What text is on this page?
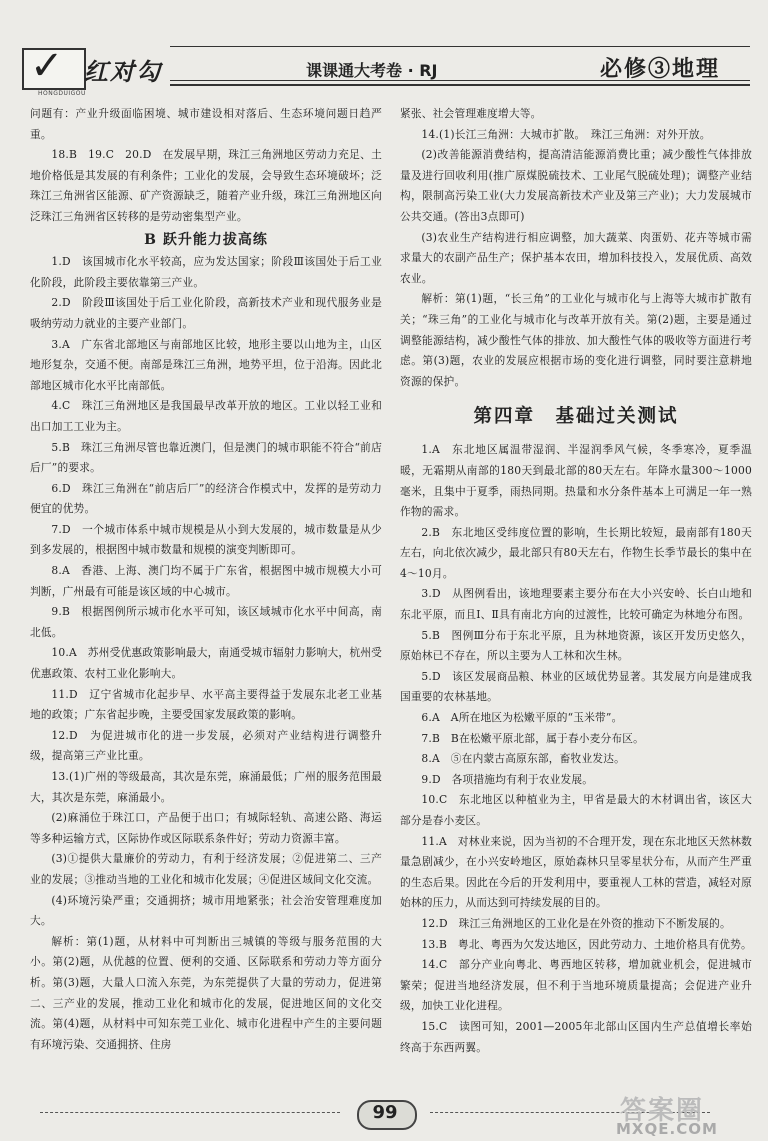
✓ 红对勾
HONGDUIGOU
课课通大考卷 · RJ	必修③地理

问题有：产业升级面临困境、城市建设相对落后、生态环境问题日趋严重。

18.B　19.C　20.D　在发展早期，珠江三角洲地区劳动力充足、土地价格低是其发展的有利条件；工业化的发展，会导致生态环境破坏；泛珠江三角洲省区能源、矿产资源缺乏，随着产业升级，珠江三角洲地区向泛珠江三角洲省区转移的是劳动密集型产业。

B 跃升能力拔高练

1.D　该国城市化水平较高，应为发达国家；阶段Ⅲ该国处于后工业化阶段，此阶段主要依靠第三产业。

2.D　阶段Ⅲ该国处于后工业化阶段，高新技术产业和现代服务业是吸纳劳动力就业的主要产业部门。

3.A　广东省北部地区与南部地区比较，地形主要以山地为主，山区地形复杂，交通不便。南部是珠江三角洲，地势平坦，位于沿海。因此北部地区城市化水平比南部低。

4.C　珠江三角洲地区是我国最早改革开放的地区。工业以轻工业和出口加工工业为主。

5.B　珠江三角洲尽管也靠近澳门，但是澳门的城市职能不符合“前店后厂”的要求。

6.D　珠江三角洲在“前店后厂”的经济合作模式中，发挥的是劳动力便宜的优势。

7.D　一个城市体系中城市规模是从小到大发展的，城市数量是从少到多发展的，根据图中城市数量和规模的演变判断即可。

8.A　香港、上海、澳门均不属于广东省，根据图中城市规模大小可判断，广州最有可能是该区域的中心城市。

9.B　根据图例所示城市化水平可知，该区域城市化水平中间高，南北低。

10.A　苏州受优惠政策影响最大，南通受城市辐射力影响大，杭州受优惠政策、农村工业化影响大。

11.D　辽宁省城市化起步早、水平高主要得益于发展东北老工业基地的政策；广东省起步晚，主要受国家发展政策的影响。

12.D　为促进城市化的进一步发展，必须对产业结构进行调整升级，提高第三产业比重。

13.(1)广州的等级最高，其次是东莞，麻涌最低；广州的服务范围最大，其次是东莞，麻涌最小。

(2)麻涌位于珠江口，产品便于出口；有城际轻轨、高速公路、海运等多种运输方式，区际协作或区际联系条件好；劳动力资源丰富。

(3)①提供大量廉价的劳动力，有利于经济发展；②促进第二、三产业的发展；③推动当地的工业化和城市化发展；④促进区域间文化交流。

(4)环境污染严重；交通拥挤；城市用地紧张；社会治安管理难度加大。

解析：第(1)题，从材料中可判断出三城镇的等级与服务范围的大小。第(2)题，从优越的位置、便利的交通、区际联系和劳动力等方面分析。第(3)题，大量人口流入东莞，为东莞提供了大量的劳动力，促进第二、三产业的发展，推动工业化和城市化的发展，促进地区间的文化交流。第(4)题，从材料中可知东莞工业化、城市化进程中产生的主要问题有环境污染、交通拥挤、住房

紧张、社会管理难度增大等。

14.(1)长江三角洲：大城市扩散。　珠江三角洲：对外开放。

(2)改善能源消费结构，提高清洁能源消费比重；减少酸性气体排放量及进行回收利用(推广原煤脱硫技术、工业尾气脱硫处理)；调整产业结构，限制高污染工业(大力发展高新技术产业及第三产业)；大力发展城市公共交通。(答出3点即可)

(3)农业生产结构进行相应调整，加大蔬菜、肉蛋奶、花卉等城市需求量大的农副产品生产；保护基本农田，增加科技投入，发展优质、高效农业。

解析：第(1)题，“长三角”的工业化与城市化与上海等大城市扩散有关；“珠三角”的工业化与城市化与改革开放有关。第(2)题，主要是通过调整能源结构，减少酸性气体的排放、加大酸性气体的吸收等方面进行考虑。第(3)题，农业的发展应根据市场的变化进行调整，同时要注意耕地资源的保护。

第四章　基础过关测试

1.A　东北地区属温带湿润、半湿润季风气候，冬季寒冷，夏季温暖，无霜期从南部的180天到最北部的80天左右。年降水量300～1000毫米，且集中于夏季，雨热同期。热量和水分条件基本上可满足一年一熟作物的需求。

2.B　东北地区受纬度位置的影响，生长期比较短，最南部有180天左右，向北依次减少，最北部只有80天左右，作物生长季节最长的集中在4～10月。

3.D　从图例看出，该地理要素主要分布在大小兴安岭、长白山地和东北平原，而且Ⅰ、Ⅱ具有南北方向的过渡性，比较可确定为林地分布图。

5.B　图例Ⅲ分布于东北平原，且为林地资源，该区开发历史悠久，原始林已不存在，所以主要为人工林和次生林。

5.D　该区发展商品粮、林业的区域优势显著。其发展方向是建成我国重要的农林基地。

6.A　A所在地区为松嫩平原的“玉米带”。

7.B　B在松嫩平原北部，属于春小麦分布区。

8.A　⑤在内蒙古高原东部，畜牧业发达。

9.D　各项措施均有利于农业发展。

10.C　东北地区以种植业为主，甲省是最大的木材调出省，该区大部分是春小麦区。

11.A　对林业来说，因为当初的不合理开发，现在东北地区天然林数量急剧减少，在小兴安岭地区，原始森林只呈零星状分布，从而产生严重的生态后果。因此在今后的开发利用中，要重视人工林的营造，减轻对原始林的压力，从而达到可持续发展的目的。

12.D　珠江三角洲地区的工业化是在外资的推动下不断发展的。

13.B　粤北、粤西为欠发达地区，因此劳动力、土地价格具有优势。

14.C　部分产业向粤北、粤西地区转移，增加就业机会，促进城市繁荣；促进当地经济发展，但不利于当地环境质量提高；会促进产业升级，加快工业化进程。

15.C　读图可知，2001—2005年北部山区国内生产总值增长率始终高于东西两翼。

99	答案圈
MXQE.COM
